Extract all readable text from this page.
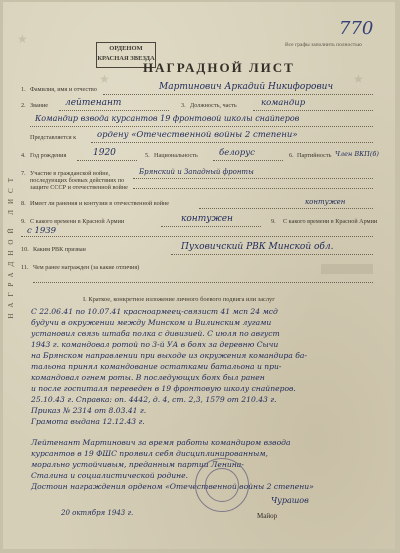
★
★	★
ОРДЕНОМ
КРАСНАЯ ЗВЕЗДА
Все графы заполнить полностью
770
НАГРАДНОЙ ЛИСТ
НАГРАДНОЙ ЛИСТ
1. Фамилия, имя и отчество	Мартинович Аркадий Никифорович
2. Звание лейтенант	3. Должность, часть	командир
Командир взвода курсантов 19 фронтовой школы снайперов
Представляется к ордену «Отечественной войны 2 степени»
4. Год рождения	1920	5. Национальность белорус	6. Партийность Член ВКП(б)
7. Участие в гражданской войне, последующих боевых действиях по защите СССР и отечественной войне
Брянский и Западный фронты
8. Имеет ли ранения и контузии в отечественной войне	контужен
9. С какого времени в Красной Армии	контужен	9. С какого времени в Красной Армии
с 1939
10. Каким РВК призван	Пуховичский РВК Минской обл.
11. Чем ранее награжден (за какие отличия)
I. Краткое, конкретное изложение личного боевого подвига или заслуг
С 22.06.41 по 10.07.41 красноармеец-связист 41 мсп 24 мсд
будучи в окружении между Минском и Вилинским лугами
установил связь штаба полка с дивизией. С июля по август
1943 г. командовал ротой по 3-й УА в боях за деревню Сычи
на Брянском направлении при выходе из окружения командира ба-
тальона принял командование остатками батальона и при-
командовал огнем роты. В последующих боях был ранен
и после госпиталя переведен в 19 фронтовую школу снайперов.
25.10.43 г. Справка: оп. 4442, д. 4, ст. 2,3, 1579 от 210.43 г.
Приказ № 2314 от 8.03.41 г.
Грамота выдана 12.12.43 г.
Лейтенант Мартинович за время работы командиром взвода
курсантов в 19 ФШС проявил себя дисциплинированным,
морально устойчивым, преданным партии Ленина-
Сталина и социалистической родине.
Достоин награждения орденом «Отечественной войны 2 степени»
Чурашов
Майор
20 октября 1943 г.
